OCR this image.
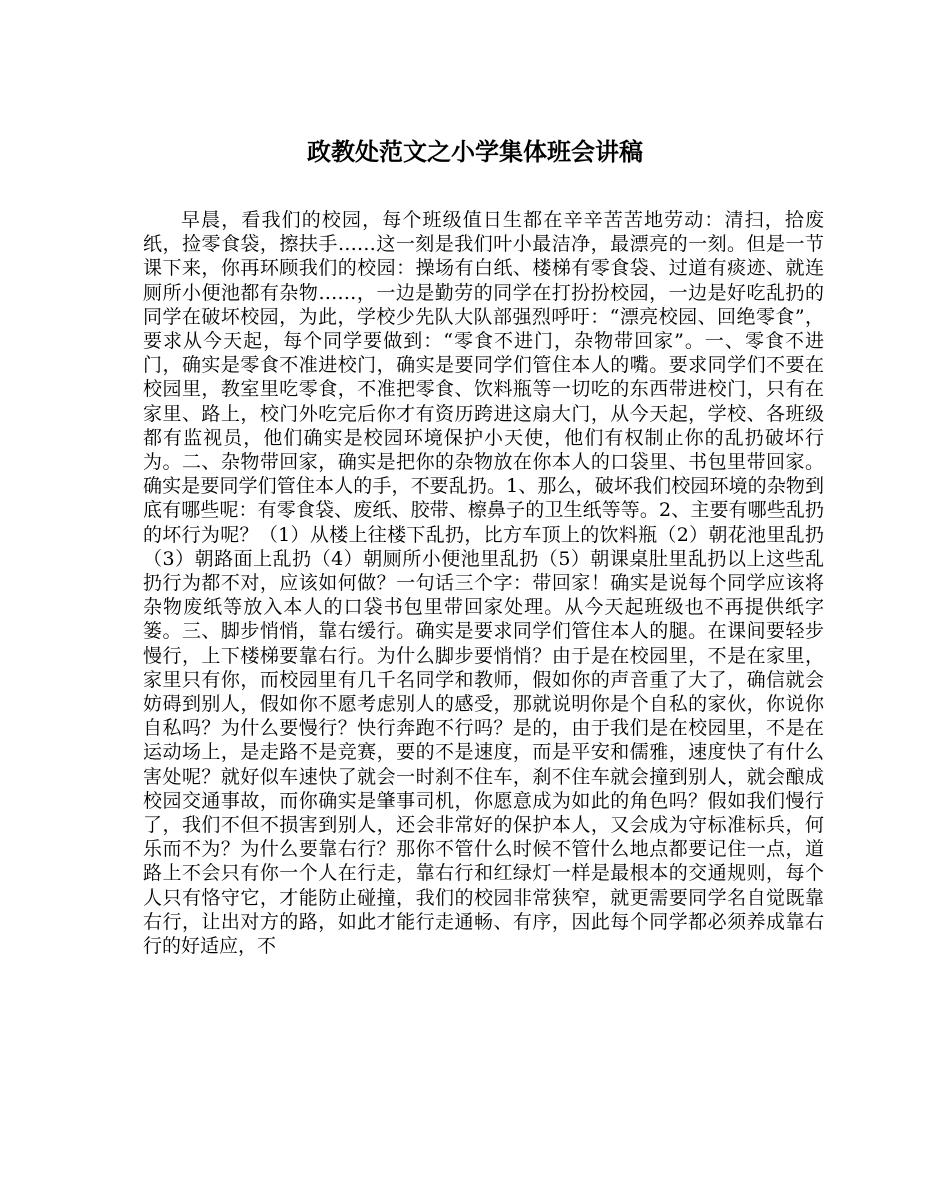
政教处范文之小学集体班会讲稿

早晨，看我们的校园，每个班级值日生都在辛辛苦苦地劳动：清扫，拾废纸，捡零食袋，擦扶手……这一刻是我们叶小最洁净，最漂亮的一刻。但是一节课下来，你再环顾我们的校园：操场有白纸、楼梯有零食袋、过道有痰迹、就连厕所小便池都有杂物……，一边是勤劳的同学在打扮扮校园，一边是好吃乱扔的同学在破坏校园，为此，学校少先队大队部强烈呼吁：“漂亮校园、回绝零食”，要求从今天起，每个同学要做到：“零食不进门，杂物带回家”。一、零食不进门，确实是零食不准进校门，确实是要同学们管住本人的嘴。要求同学们不要在校园里，教室里吃零食，不准把零食、饮料瓶等一切吃的东西带进校门，只有在家里、路上，校门外吃完后你才有资历跨进这扇大门，从今天起，学校、各班级都有监视员，他们确实是校园环境保护小天使，他们有权制止你的乱扔破坏行为。二、杂物带回家，确实是把你的杂物放在你本人的口袋里、书包里带回家。确实是要同学们管住本人的手，不要乱扔。1、那么，破坏我们校园环境的杂物到底有哪些呢：有零食袋、废纸、胶带、檫鼻子的卫生纸等等。2、主要有哪些乱扔的坏行为呢？（1）从楼上往楼下乱扔，比方车顶上的饮料瓶（2）朝花池里乱扔（3）朝路面上乱扔（4）朝厕所小便池里乱扔（5）朝课桌肚里乱扔以上这些乱扔行为都不对，应该如何做？一句话三个字：带回家！确实是说每个同学应该将杂物废纸等放入本人的口袋书包里带回家处理。从今天起班级也不再提供纸字篓。三、脚步悄悄，靠右缓行。确实是要求同学们管住本人的腿。在课间要轻步慢行，上下楼梯要靠右行。为什么脚步要悄悄？由于是在校园里，不是在家里，家里只有你，而校园里有几千名同学和教师，假如你的声音重了大了，确信就会妨碍到别人，假如你不愿考虑别人的感受，那就说明你是个自私的家伙，你说你自私吗？为什么要慢行？快行奔跑不行吗？是的，由于我们是在校园里，不是在运动场上，是走路不是竞赛，要的不是速度，而是平安和儒雅，速度快了有什么害处呢？就好似车速快了就会一时刹不住车，刹不住车就会撞到别人，就会酿成校园交通事故，而你确实是肇事司机，你愿意成为如此的角色吗？假如我们慢行了，我们不但不损害到别人，还会非常好的保护本人，又会成为守标准标兵，何乐而不为？为什么要靠右行？那你不管什么时候不管什么地点都要记住一点，道路上不会只有你一个人在行走，靠右行和红绿灯一样是最根本的交通规则，每个人只有恪守它，才能防止碰撞，我们的校园非常狭窄，就更需要同学名自觉既靠右行，让出对方的路，如此才能行走通畅、有序，因此每个同学都必须养成靠右行的好适应，不
